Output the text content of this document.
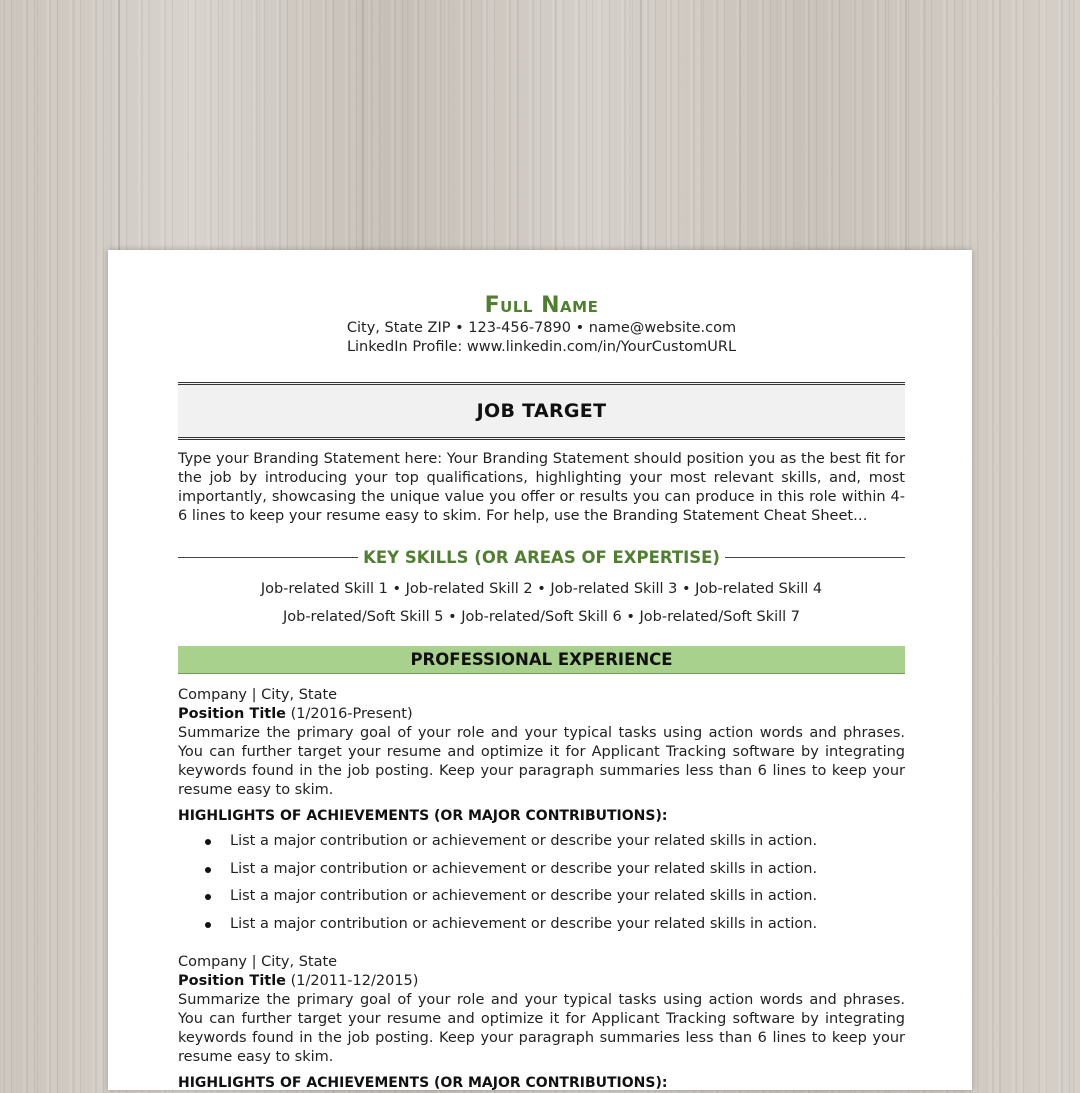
Full Name
City, State ZIP • 123-456-7890 • name@website.com
LinkedIn Profile: www.linkedin.com/in/YourCustomURL
JOB TARGET
Type your Branding Statement here: Your Branding Statement should position you as the best fit for the job by introducing your top qualifications, highlighting your most relevant skills, and, most importantly, showcasing the unique value you offer or results you can produce in this role within 4-6 lines to keep your resume easy to skim. For help, use the Branding Statement Cheat Sheet…
KEY SKILLS (OR AREAS OF EXPERTISE)
Job-related Skill 1 • Job-related Skill 2 • Job-related Skill 3 • Job-related Skill 4
Job-related/Soft Skill 5 • Job-related/Soft Skill 6 • Job-related/Soft Skill 7
PROFESSIONAL EXPERIENCE
Company | City, State
Position Title (1/2016-Present)
Summarize the primary goal of your role and your typical tasks using action words and phrases. You can further target your resume and optimize it for Applicant Tracking software by integrating keywords found in the job posting. Keep your paragraph summaries less than 6 lines to keep your resume easy to skim.
HIGHLIGHTS OF ACHIEVEMENTS (OR MAJOR CONTRIBUTIONS):
List a major contribution or achievement or describe your related skills in action.
List a major contribution or achievement or describe your related skills in action.
List a major contribution or achievement or describe your related skills in action.
List a major contribution or achievement or describe your related skills in action.
Company | City, State
Position Title (1/2011-12/2015)
Summarize the primary goal of your role and your typical tasks using action words and phrases. You can further target your resume and optimize it for Applicant Tracking software by integrating keywords found in the job posting. Keep your paragraph summaries less than 6 lines to keep your resume easy to skim.
HIGHLIGHTS OF ACHIEVEMENTS (OR MAJOR CONTRIBUTIONS):
